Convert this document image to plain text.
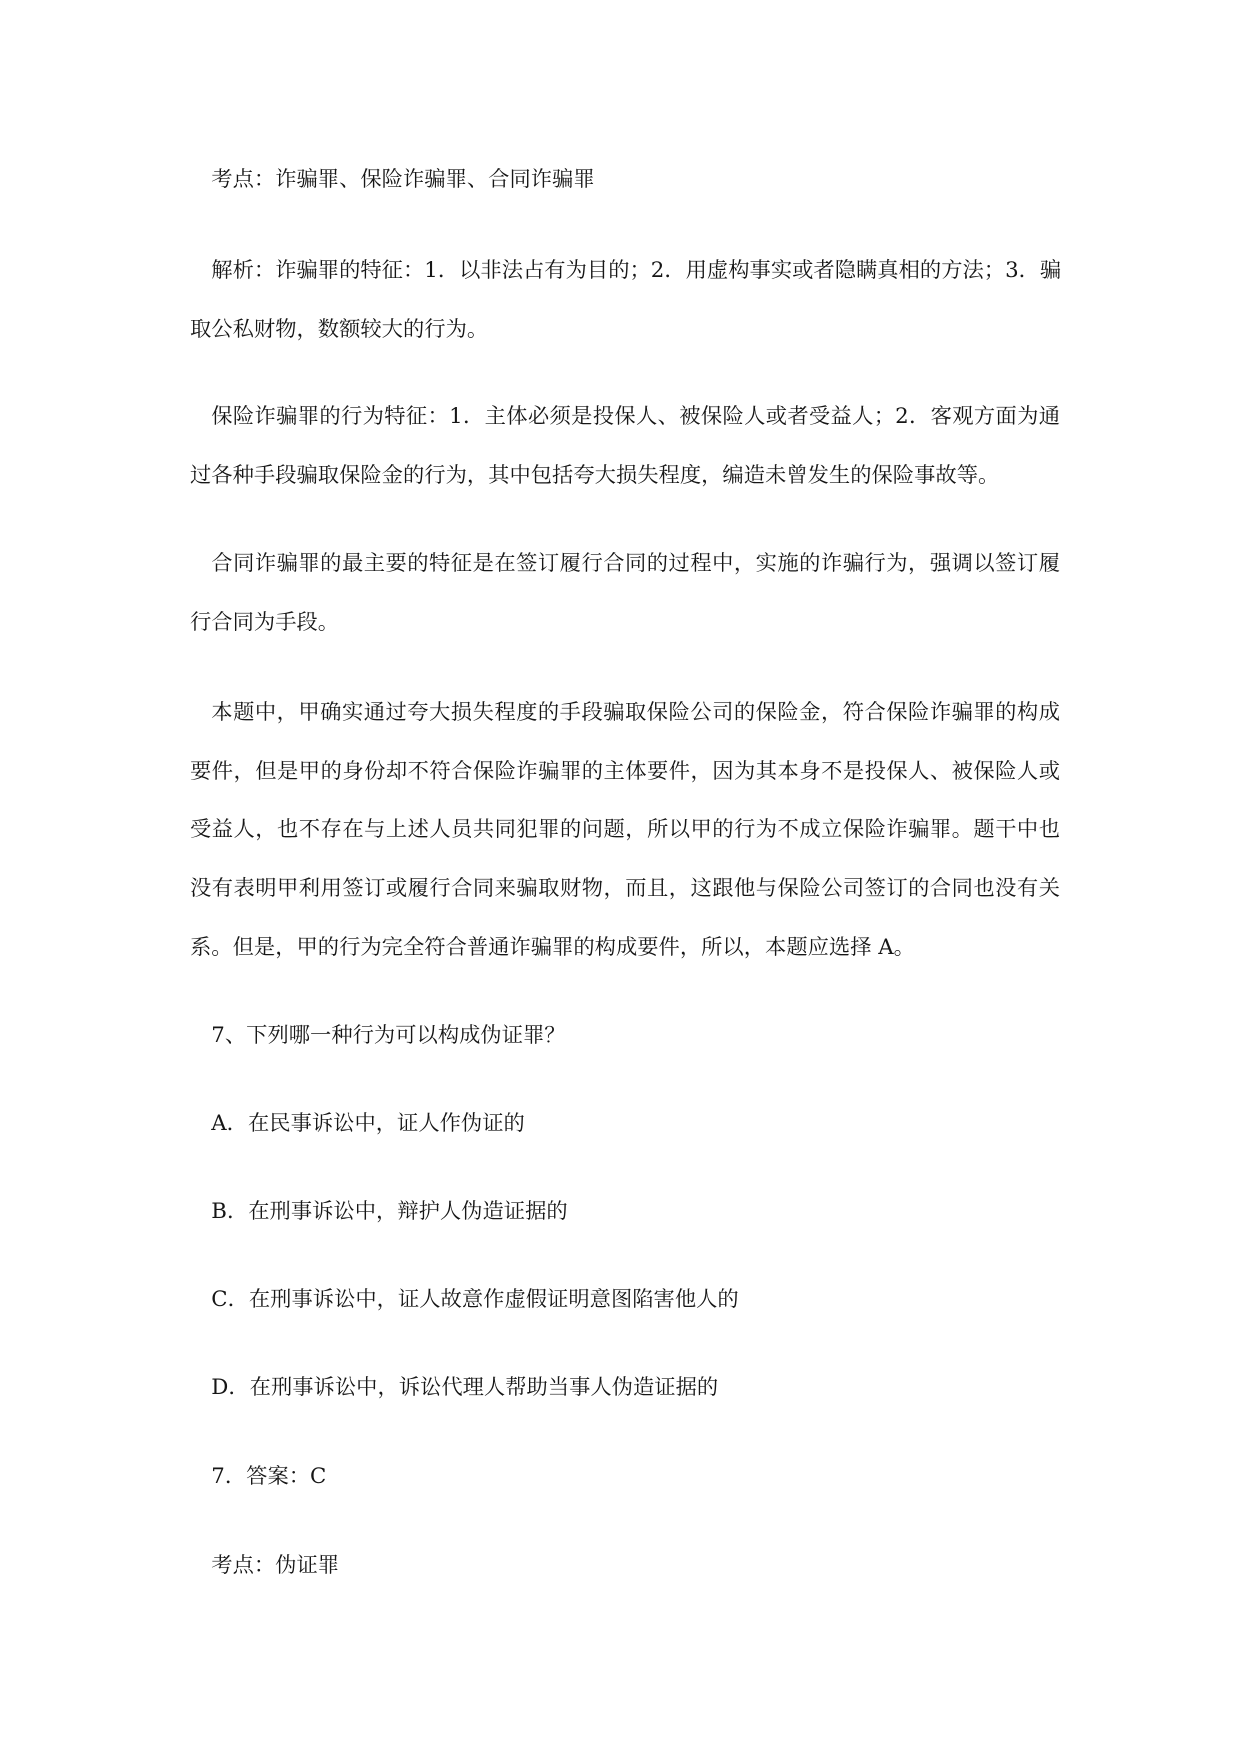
考点：诈骗罪、保险诈骗罪、合同诈骗罪
解析：诈骗罪的特征：1．以非法占有为目的；2．用虚构事实或者隐瞒真相的方法；3．骗
取公私财物，数额较大的行为。
保险诈骗罪的行为特征：1．主体必须是投保人、被保险人或者受益人；2．客观方面为通
过各种手段骗取保险金的行为，其中包括夸大损失程度，编造未曾发生的保险事故等。
合同诈骗罪的最主要的特征是在签订履行合同的过程中，实施的诈骗行为，强调以签订履
行合同为手段。
本题中，甲确实通过夸大损失程度的手段骗取保险公司的保险金，符合保险诈骗罪的构成
要件，但是甲的身份却不符合保险诈骗罪的主体要件，因为其本身不是投保人、被保险人或
受益人，也不存在与上述人员共同犯罪的问题，所以甲的行为不成立保险诈骗罪。题干中也
没有表明甲利用签订或履行合同来骗取财物，而且，这跟他与保险公司签订的合同也没有关
系。但是，甲的行为完全符合普通诈骗罪的构成要件，所以，本题应选择 A。
7、下列哪一种行为可以构成伪证罪？
A．在民事诉讼中，证人作伪证的
B．在刑事诉讼中，辩护人伪造证据的
C．在刑事诉讼中，证人故意作虚假证明意图陷害他人的
D．在刑事诉讼中，诉讼代理人帮助当事人伪造证据的
7．答案：C
考点：伪证罪
